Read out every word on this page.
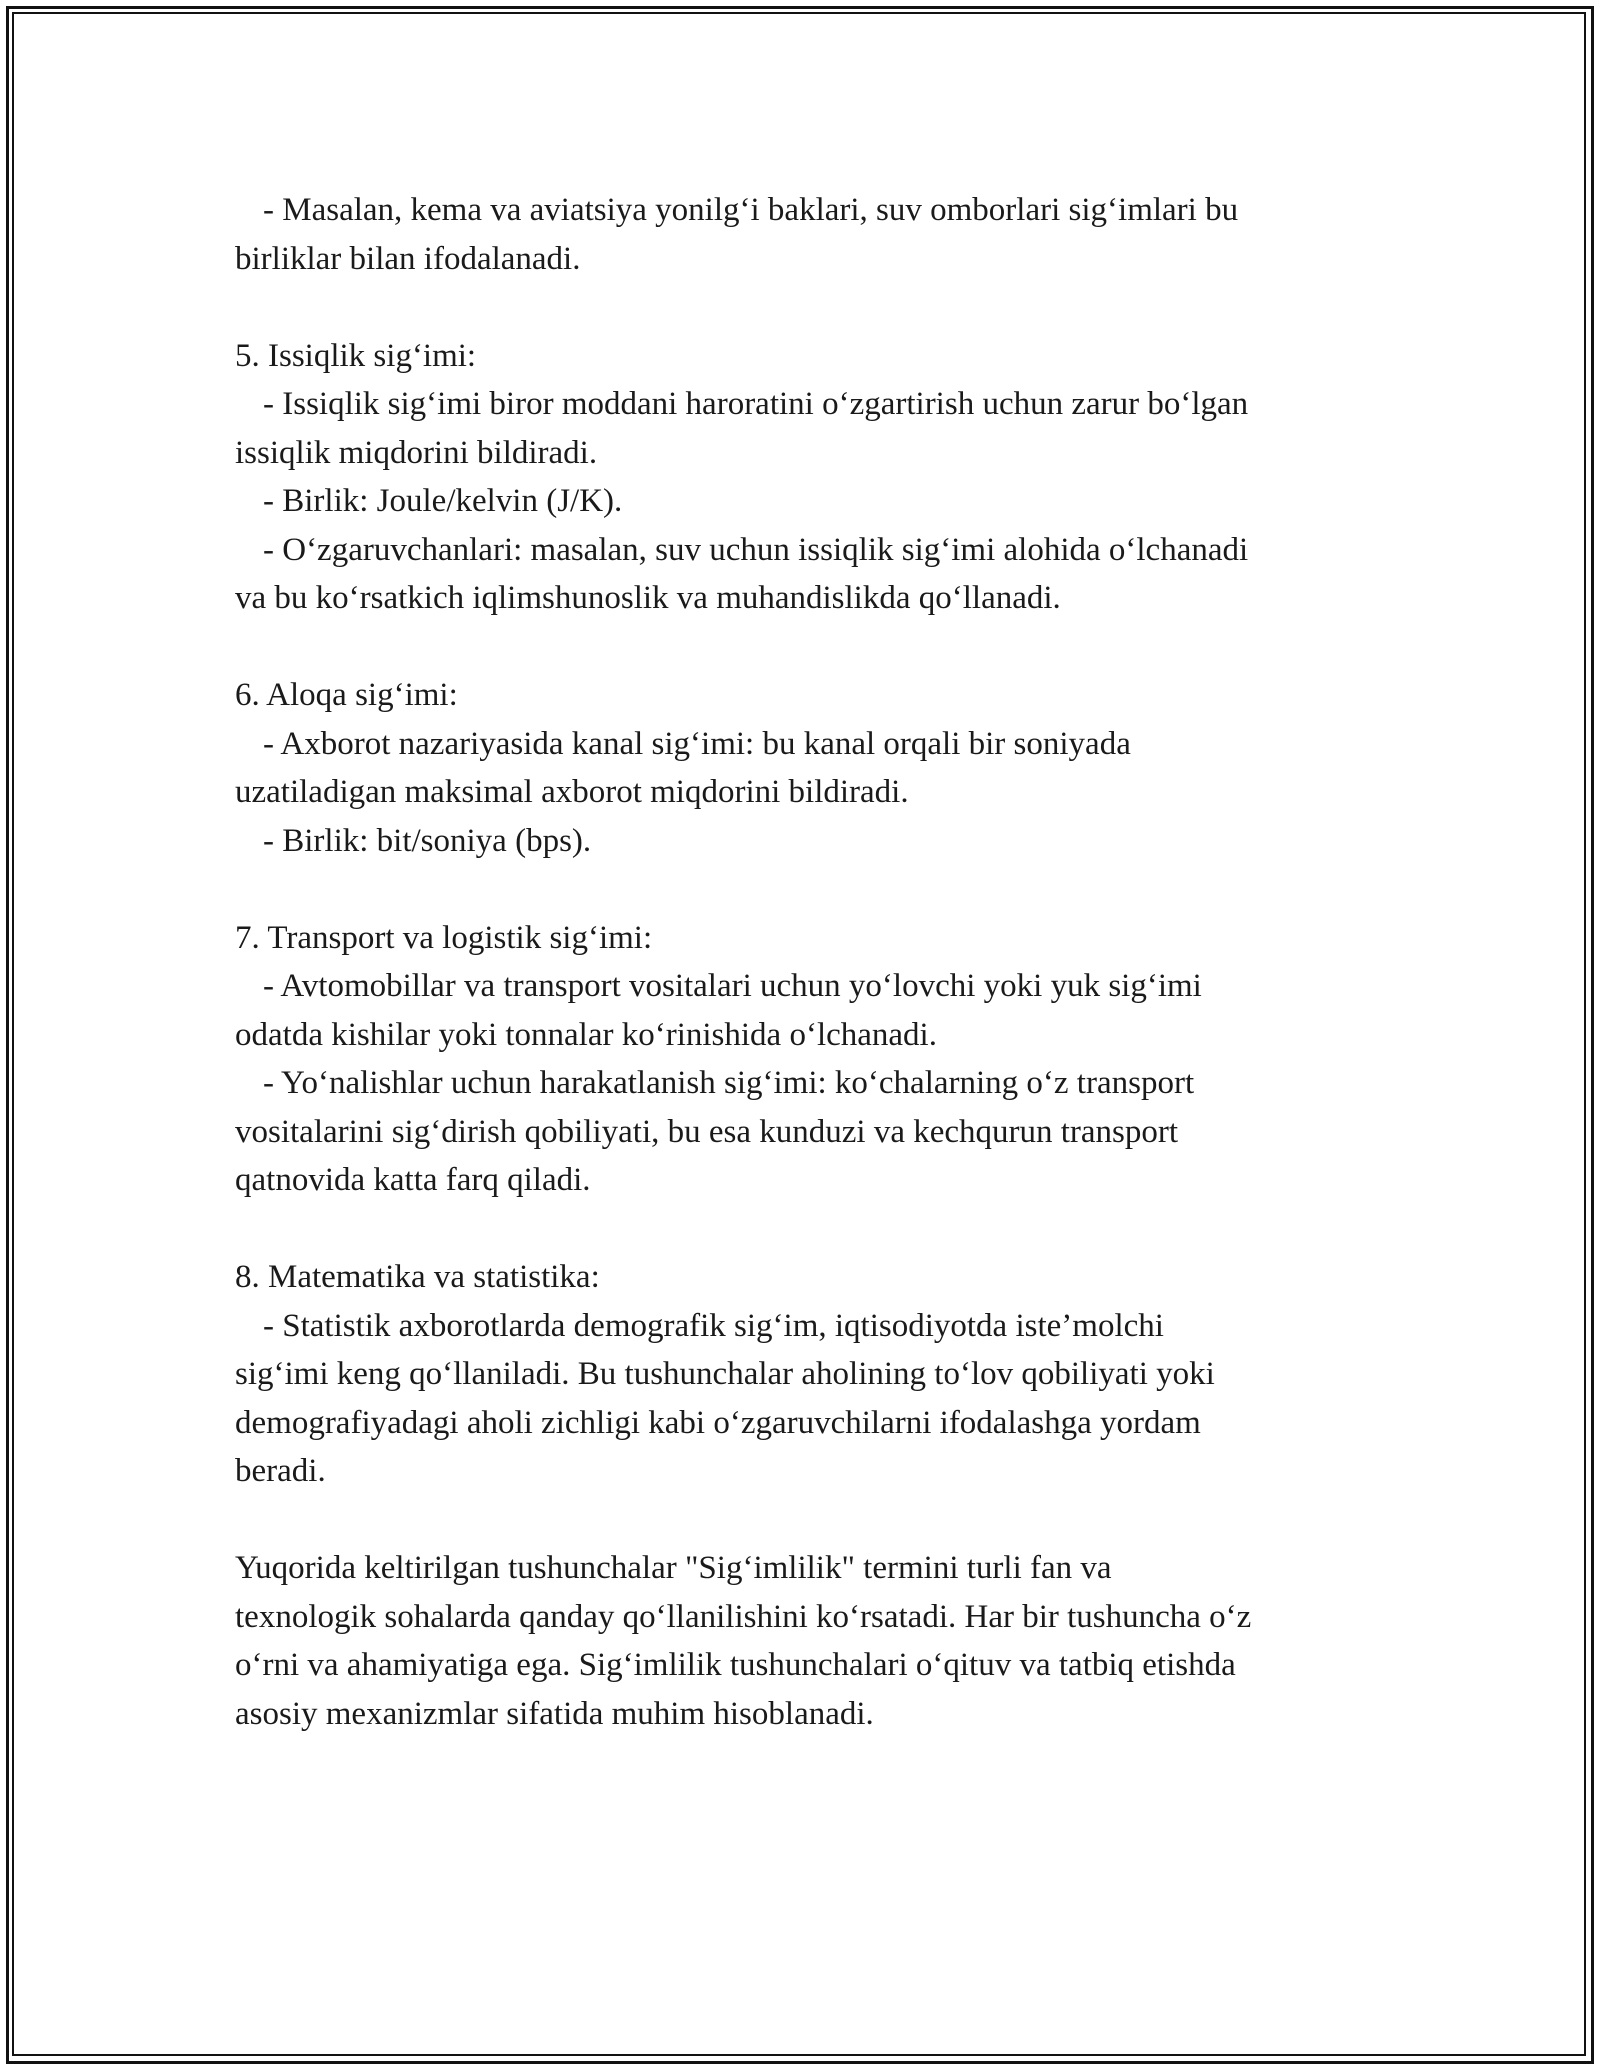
- Masalan, kema va aviatsiya yonilg‘i baklari, suv omborlari sig‘imlari bu
birliklar bilan ifodalanadi.
5. Issiqlik sig‘imi:
- Issiqlik sig‘imi biror moddani haroratini o‘zgartirish uchun zarur bo‘lgan
issiqlik miqdorini bildiradi.
- Birlik: Joule/kelvin (J/K).
- O‘zgaruvchanlari: masalan, suv uchun issiqlik sig‘imi alohida o‘lchanadi
va bu ko‘rsatkich iqlimshunoslik va muhandislikda qo‘llanadi.
6. Aloqa sig‘imi:
- Axborot nazariyasida kanal sig‘imi: bu kanal orqali bir soniyada
uzatiladigan maksimal axborot miqdorini bildiradi.
- Birlik: bit/soniya (bps).
7. Transport va logistik sig‘imi:
- Avtomobillar va transport vositalari uchun yo‘lovchi yoki yuk sig‘imi
odatda kishilar yoki tonnalar ko‘rinishida o‘lchanadi.
- Yo‘nalishlar uchun harakatlanish sig‘imi: ko‘chalarning o‘z transport
vositalarini sig‘dirish qobiliyati, bu esa kunduzi va kechqurun transport
qatnovida katta farq qiladi.
8. Matematika va statistika:
- Statistik axborotlarda demografik sig‘im, iqtisodiyotda iste’molchi
sig‘imi keng qo‘llaniladi. Bu tushunchalar aholining to‘lov qobiliyati yoki
demografiyadagi aholi zichligi kabi o‘zgaruvchilarni ifodalashga yordam
beradi.
Yuqorida keltirilgan tushunchalar "Sig‘imlilik" termini turli fan va
texnologik sohalarda qanday qo‘llanilishini ko‘rsatadi. Har bir tushuncha o‘z
o‘rni va ahamiyatiga ega. Sig‘imlilik tushunchalari o‘qituv va tatbiq etishda
asosiy mexanizmlar sifatida muhim hisoblanadi.
